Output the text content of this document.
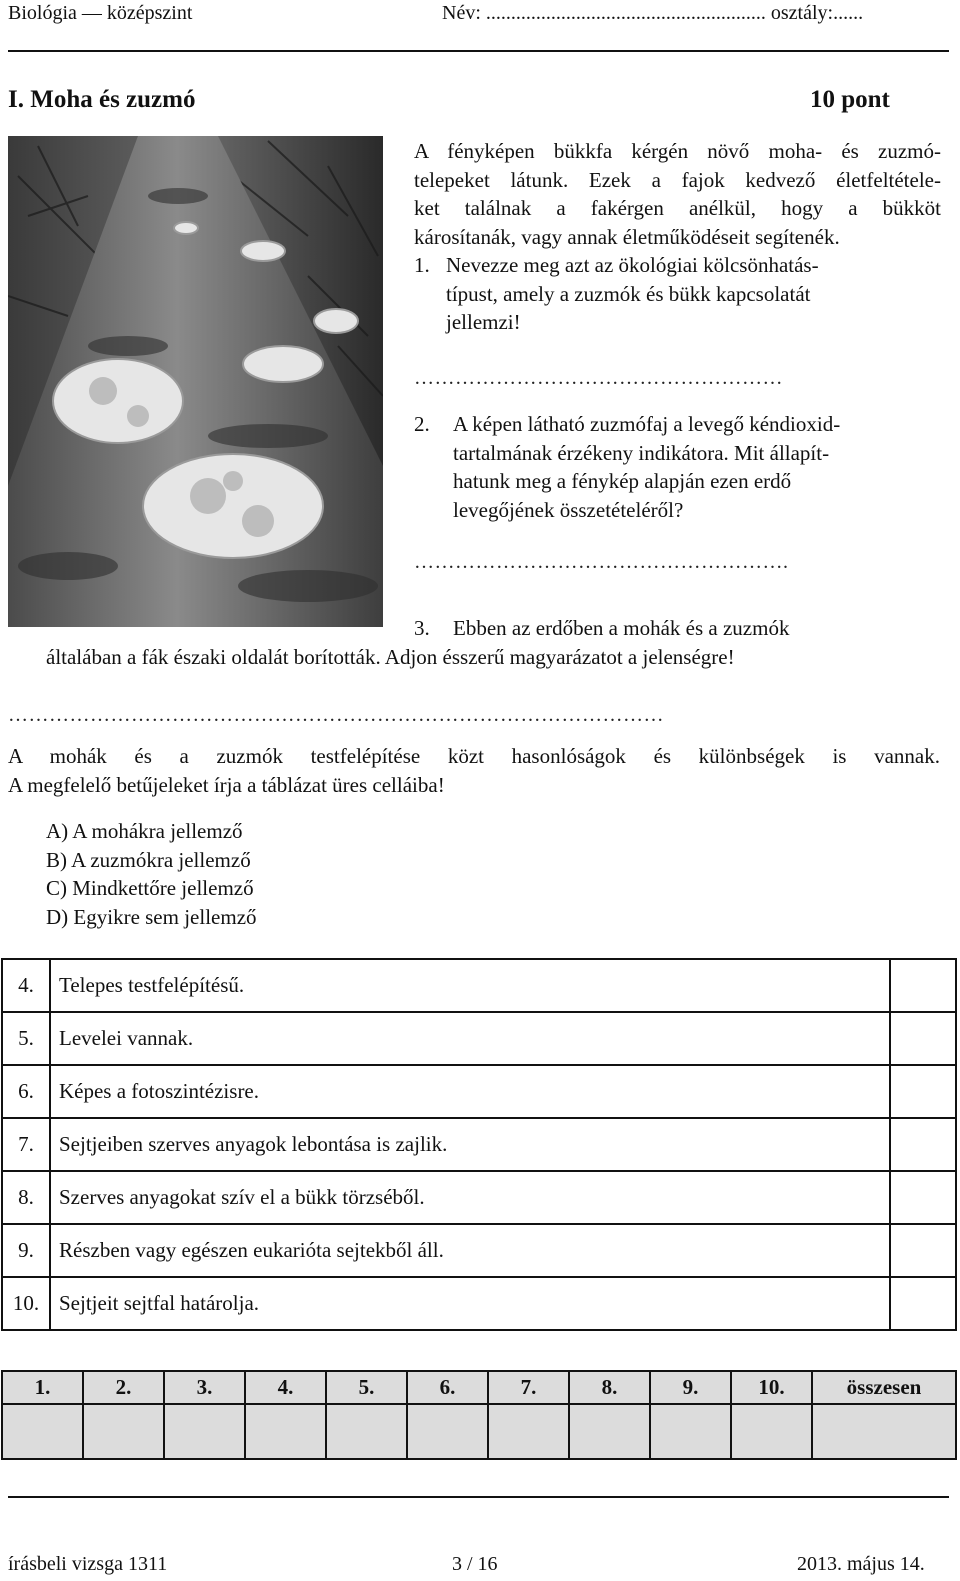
Biológia — középszint	Név: ........................................................ osztály:......
I. Moha és zuzmó	10 pont
A fényképen bükkfa kérgén növő moha- és zuzmó-
telepeket látunk. Ezek a fajok kedvező életfeltétele-
ket találnak a fakérgen anélkül, hogy a bükköt
károsítanák, vagy annak életműködéseit segítenék.
1. Nevezze meg azt az ökológiai kölcsönhatás-
típust, amely a zuzmók és bükk kapcsolatát
jellemzi!
………………………………………………
2. A képen látható zuzmófaj a levegő kéndioxid-
tartalmának érzékeny indikátora. Mit állapít-
hatunk meg a fénykép alapján ezen erdő
levegőjének összetételéről?
……………………………………………….
3. Ebben az erdőben a mohák és a zuzmók
általában a fák északi oldalát borították. Adjon ésszerű magyarázatot a jelenségre!
……………………………………………………………………………………
A mohák és a zuzmók testfelépítése közt hasonlóságok és különbségek is vannak.
A megfelelő betűjeleket írja a táblázat üres celláiba!
A) A mohákra jellemző
B) A zuzmókra jellemző
C) Mindkettőre jellemző
D) Egyikre sem jellemző
4.	Telepes testfelépítésű.	
5.	Levelei vannak.	
6.	Képes a fotoszintézisre.	
7.	Sejtjeiben szerves anyagok lebontása is zajlik.	
8.	Szerves anyagokat szív el a bükk törzséből.	
9.	Részben vagy egészen eukarióta sejtekből áll.	
10.	Sejtjeit sejtfal határolja.	
1.	2.	3.	4.	5.	6.	7.	8.	9.	10.	összesen

írásbeli vizsga 1311	3 / 16	2013. május 14.
